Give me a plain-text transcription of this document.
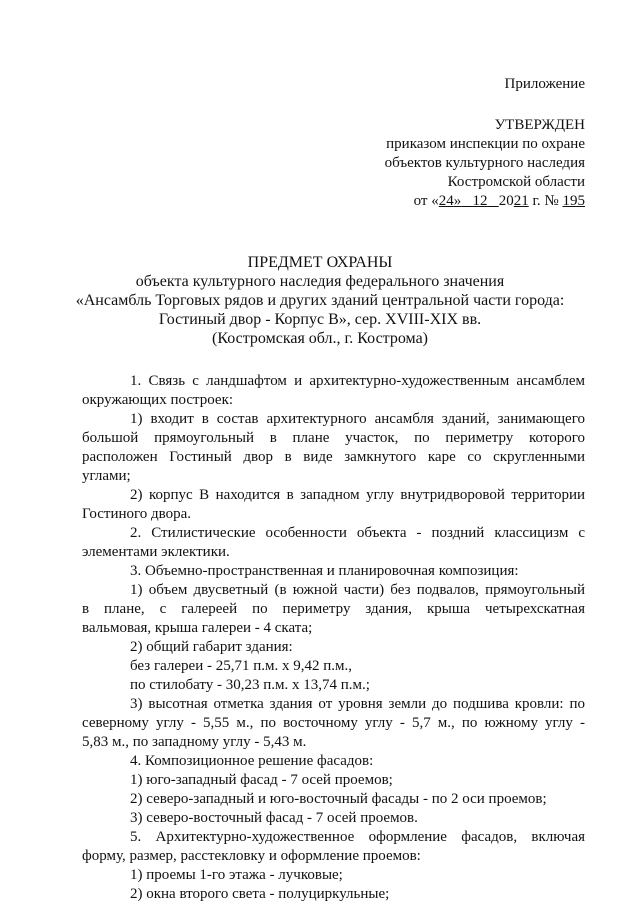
Приложение
УТВЕРЖДЕН
приказом инспекции по охране
объектов культурного наследия
Костромской области
от «24» 12 2021 г. № 195
ПРЕДМЕТ ОХРАНЫ
объекта культурного наследия федерального значения
«Ансамбль Торговых рядов и других зданий центральной части города:
Гостиный двор - Корпус В», сер. XVIII-XIX вв.
(Костромская обл., г. Кострома)
1. Связь с ландшафтом и архитектурно-художественным ансамблем
окружающих построек:
1) входит в состав архитектурного ансамбля зданий, занимающего
большой прямоугольный в плане участок, по периметру которого
расположен Гостиный двор в виде замкнутого каре со скругленными
углами;
2) корпус В находится в западном углу внутридворовой территории
Гостиного двора.
2. Стилистические особенности объекта - поздний классицизм с
элементами эклектики.
3. Объемно-пространственная и планировочная композиция:
1) объем двусветный (в южной части) без подвалов, прямоугольный
в плане, с галереей по периметру здания, крыша четырехскатная
вальмовая, крыша галереи - 4 ската;
2) общий габарит здания:
без галереи - 25,71 п.м. х 9,42 п.м.,
по стилобату - 30,23 п.м. х 13,74 п.м.;
3) высотная отметка здания от уровня земли до подшива кровли: по
северному углу - 5,55 м., по восточному углу - 5,7 м., по южному углу -
5,83 м., по западному углу - 5,43 м.
4. Композиционное решение фасадов:
1) юго-западный фасад - 7 осей проемов;
2) северо-западный и юго-восточный фасады - по 2 оси проемов;
3) северо-восточный фасад - 7 осей проемов.
5. Архитектурно-художественное оформление фасадов, включая
форму, размер, расстекловку и оформление проемов:
1) проемы 1-го этажа - лучковые;
2) окна второго света - полуциркульные;
